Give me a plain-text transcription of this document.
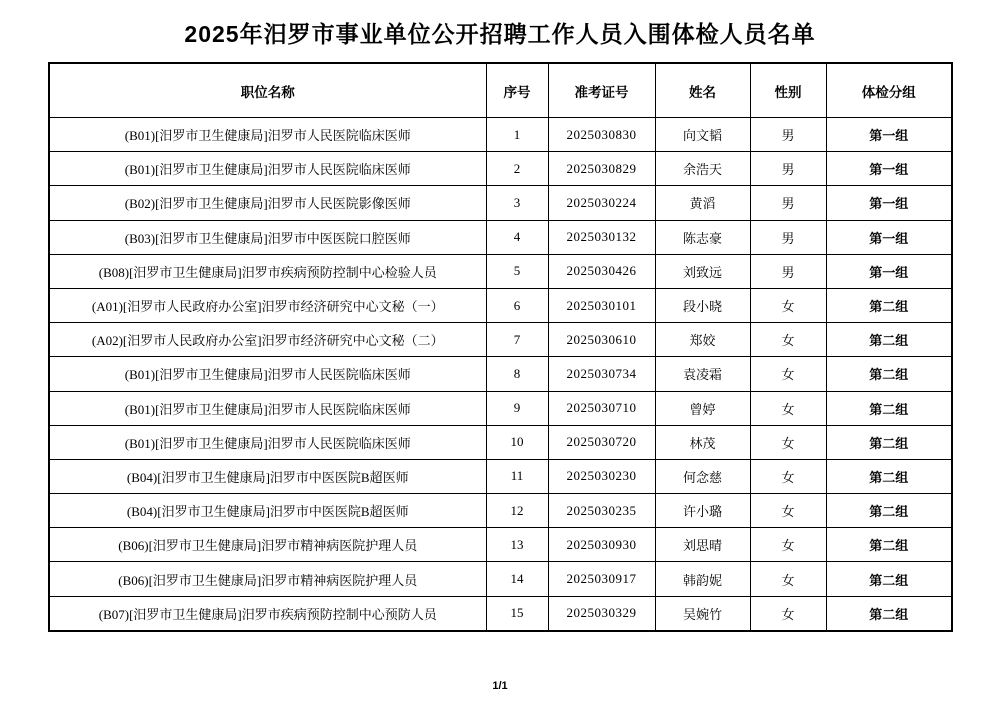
2025年汨罗市事业单位公开招聘工作人员入围体检人员名单
职位名称	序号	准考证号	姓名	性别	体检分组
(B01)[汨罗市卫生健康局]汨罗市人民医院临床医师	1	2025030830	向文韬	男	第一组
(B01)[汨罗市卫生健康局]汨罗市人民医院临床医师	2	2025030829	余浩天	男	第一组
(B02)[汨罗市卫生健康局]汨罗市人民医院影像医师	3	2025030224	黄滔	男	第一组
(B03)[汨罗市卫生健康局]汨罗市中医医院口腔医师	4	2025030132	陈志豪	男	第一组
(B08)[汨罗市卫生健康局]汨罗市疾病预防控制中心检验人员	5	2025030426	刘致远	男	第一组
(A01)[汨罗市人民政府办公室]汨罗市经济研究中心文秘（一）	6	2025030101	段小晓	女	第二组
(A02)[汨罗市人民政府办公室]汨罗市经济研究中心文秘（二）	7	2025030610	郑姣	女	第二组
(B01)[汨罗市卫生健康局]汨罗市人民医院临床医师	8	2025030734	袁凌霜	女	第二组
(B01)[汨罗市卫生健康局]汨罗市人民医院临床医师	9	2025030710	曾婷	女	第二组
(B01)[汨罗市卫生健康局]汨罗市人民医院临床医师	10	2025030720	林茂	女	第二组
(B04)[汨罗市卫生健康局]汨罗市中医医院B超医师	11	2025030230	何念慈	女	第二组
(B04)[汨罗市卫生健康局]汨罗市中医医院B超医师	12	2025030235	许小璐	女	第二组
(B06)[汨罗市卫生健康局]汨罗市精神病医院护理人员	13	2025030930	刘思晴	女	第二组
(B06)[汨罗市卫生健康局]汨罗市精神病医院护理人员	14	2025030917	韩韵妮	女	第二组
(B07)[汨罗市卫生健康局]汨罗市疾病预防控制中心预防人员	15	2025030329	吴婉竹	女	第二组
1/1
